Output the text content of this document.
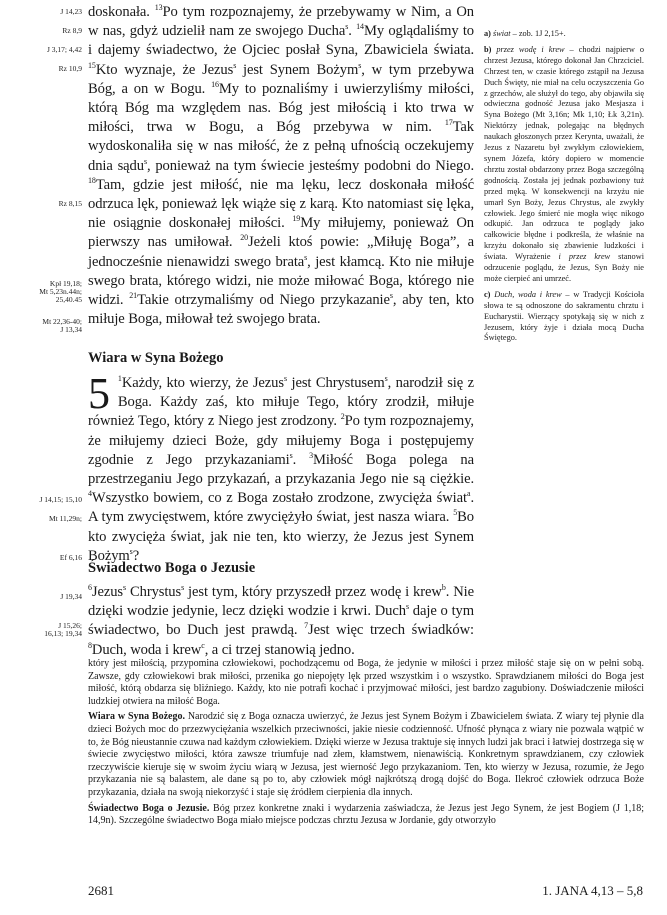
J 14,23
Rz 8,9
J 3,17; 4,42
Rz 10,9
Rz 8,15
Kpł 19,18;
Mt 5,23n.44n;
25,40.45
Mt 22,36-40;
J 13,34
J 14,15; 15,10
Mt 11,29n;
Ef 6,16
J 19,34
J 15,26;
16,13; 19,34

doskonała. $^{13}$Po tym rozpoznajemy, że przebywamy w Nim, a On w nas, gdyż udzielił nam ze swojego Ducha$^s$. $^{14}$My oglądaliśmy to i dajemy świadectwo, że Ojciec posłał Syna, Zbawiciela świata. $^{15}$Kto wyznaje, że Jezus$^s$ jest Synem Bożym$^s$, w tym przebywa Bóg, a on w Bogu. $^{16}$My to poznaliśmy i uwierzyliśmy miłości, którą Bóg ma względem nas. Bóg jest miłością i kto trwa w miłości, trwa w Bogu, a Bóg przebywa w nim. $^{17}$Tak wydoskonaliła się w nas miłość, że z pełną ufnością oczekujemy dnia sądu$^s$, ponieważ na tym świecie jesteśmy podobni do Niego. $^{18}$Tam, gdzie jest miłość, nie ma lęku, lecz doskonała miłość odrzuca lęk, ponieważ lęk wiąże się z karą. Kto natomiast się lęka, nie osiągnie doskonałej miłości. $^{19}$My miłujemy, ponieważ On pierwszy nas umiłował. $^{20}$Jeżeli ktoś powie: „Miłuję Boga”, a jednocześnie nienawidzi swego brata$^s$, jest kłamcą. Kto nie miłuje swego brata, którego widzi, nie może miłować Boga, którego nie widzi. $^{21}$Takie otrzymaliśmy od Niego przykazanie$^s$, aby ten, kto miłuje Boga, miłował też swojego brata.

Wiara w Syna Bożego

5 $^1$Każdy, kto wierzy, że Jezus$^s$ jest Chrystusem$^s$, narodził się z Boga. Każdy zaś, kto miłuje Tego, który zrodził, miłuje również Tego, który z Niego jest zrodzony. $^2$Po tym rozpoznajemy, że miłujemy dzieci Boże, gdy miłujemy Boga i postępujemy zgodnie z Jego przykazaniami$^s$. $^3$Miłość Boga polega na przestrzeganiu Jego przykazań, a przykazania Jego nie są ciężkie. $^4$Wszystko bowiem, co z Boga zostało zrodzone, zwycięża świat$^a$. A tym zwycięstwem, które zwyciężyło świat, jest nasza wiara. $^5$Bo kto zwycięża świat, jak nie ten, kto wierzy, że Jezus jest Synem Bożym$^s$?

Świadectwo Boga o Jezusie

$^6$Jezus$^s$ Chrystus$^s$ jest tym, który przyszedł przez wodę i krew$^b$. Nie dzięki wodzie jedynie, lecz dzięki wodzie i krwi. Duch$^s$ daje o tym świadectwo, bo Duch jest prawdą. $^7$Jest więc trzech świadków: $^8$Duch, woda i krew$^c$, a ci trzej stanowią jedno.

a) świat – zob. 1J 2,15+.

b) przez wodę i krew – chodzi najpierw o chrzest Jezusa, którego dokonał Jan Chrzciciel. Chrzest ten, w czasie którego zstąpił na Jezusa Duch Święty, nie miał na celu oczyszczenia Go z grzechów, ale służył do tego, aby objawiła się odwieczna godność Jezusa jako Mesjasza i Syna Bożego (Mt 3,16n; Mk 1,10; Łk 3,21n). Niektórzy jednak, polegając na błędnych naukach głoszonych przez Kerynta, uważali, że Jezus z Nazaretu był zwykłym człowiekiem, synem Józefa, który dopiero w momencie chrztu został obdarzony przez Boga szczególną godnością. Została jej jednak pozbawiony tuż przed męką. W konsekwencji na krzyżu nie umarł Syn Boży, Jezus Chrystus, ale zwykły człowiek. Jego śmierć nie mogła więc nikogo odkupić. Jan odrzuca te poglądy jako całkowicie błędne i podkreśla, że właśnie na krzyżu dokonało się zbawienie ludzkości i świata. Wyrażenie i przez krew stanowi odrzucenie poglądu, że Jezus, Syn Boży nie może cierpieć ani umrzeć.

c) Duch, woda i krew – w Tradycji Kościoła słowa te są odnoszone do sakramentu chrztu i Eucharystii. Wierzący spotykają się w nich z Jezusem, który żyje i działa mocą Ducha Świętego.

który jest miłością, przypomina człowiekowi, pochodzącemu od Boga, że jedynie w miłości i przez miłość staje się on w pełni sobą. Zawsze, gdy człowiekowi brak miłości, przenika go niepojęty lęk przed wszystkim i o wszystko. Sprawdzianem miłości do Boga jest miłość, którą obdarza się bliźniego. Każdy, kto nie potrafi kochać i przyjmować miłości, jest bardzo zagubiony. Doświadczenie miłości ludzkiej otwiera na miłość Boga.

Wiara w Syna Bożego. Narodzić się z Boga oznacza uwierzyć, że Jezus jest Synem Bożym i Zbawicielem świata. Z wiary tej płynie dla dzieci Bożych moc do przezwyciężania wszelkich przeciwności, jakie niesie codzienność. Ufność płynąca z wiary nie pozwala wątpić w to, że Bóg nieustannie czuwa nad każdym człowiekiem. Dzięki wierze w Jezusa traktuje się innych ludzi jak braci i łatwiej dostrzega się w świecie zwycięstwo miłości, która zawsze triumfuje nad złem, kłamstwem, nienawiścią. Konkretnym sprawdzianem, czy człowiek rzeczywiście kieruje się w swoim życiu wiarą w Jezusa, jest wierność Jego przykazaniom. Ten, kto wierzy w Jezusa, rozumie, że Jego przykazania nie są balastem, ale dane są po to, aby człowiek mógł najkrótszą drogą dojść do Boga. Ilekroć człowiek odrzuca Boże przykazania, działa na swoją niekorzyść i staje się źródłem cierpienia dla innych.

Świadectwo Boga o Jezusie. Bóg przez konkretne znaki i wydarzenia zaświadcza, że Jezus jest Jego Synem, że jest Bogiem (J 1,18; 14,9n). Szczególne świadectwo Boga miało miejsce podczas chrztu Jezusa w Jordanie, gdy otworzyło

2681	1. JANA 4,13 – 5,8
